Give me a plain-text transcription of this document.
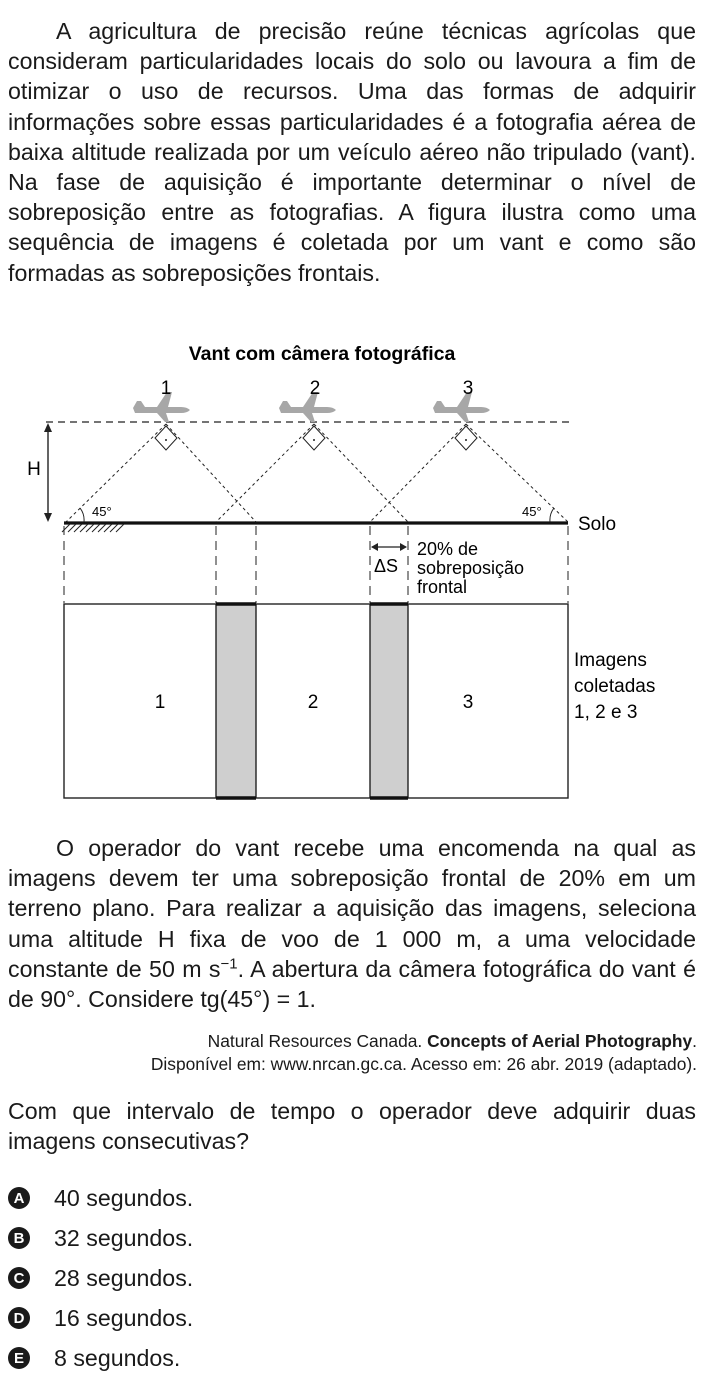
A agricultura de precisão reúne técnicas agrícolas que consideram particularidades locais do solo ou lavoura a fim de otimizar o uso de recursos. Uma das formas de adquirir informações sobre essas particularidades é a fotografia aérea de baixa altitude realizada por um veículo aéreo não tripulado (vant). Na fase de aquisição é importante determinar o nível de sobreposição entre as fotografias. A figura ilustra como uma sequência de imagens é coletada por um vant e como são formadas as sobreposições frontais.

Vant com câmera fotográfica
1	2	3
H
Solo
45°	45°
ΔS
20% de
sobreposição
frontal
1	2	3
Imagens
coletadas
1, 2 e 3

O operador do vant recebe uma encomenda na qual as imagens devem ter uma sobreposição frontal de 20% em um terreno plano. Para realizar a aquisição das imagens, seleciona uma altitude H fixa de voo de 1 000 m, a uma velocidade constante de 50 m $s^{-1}$. A abertura da câmera fotográfica do vant é de 90°. Considere tg(45°) = 1.

Natural Resources Canada. Concepts of Aerial Photography.
Disponível em: www.nrcan.gc.ca. Acesso em: 26 abr. 2019 (adaptado).

Com que intervalo de tempo o operador deve adquirir duas imagens consecutivas?

A 40 segundos.
B 32 segundos.
C 28 segundos.
D 16 segundos.
E 8 segundos.
